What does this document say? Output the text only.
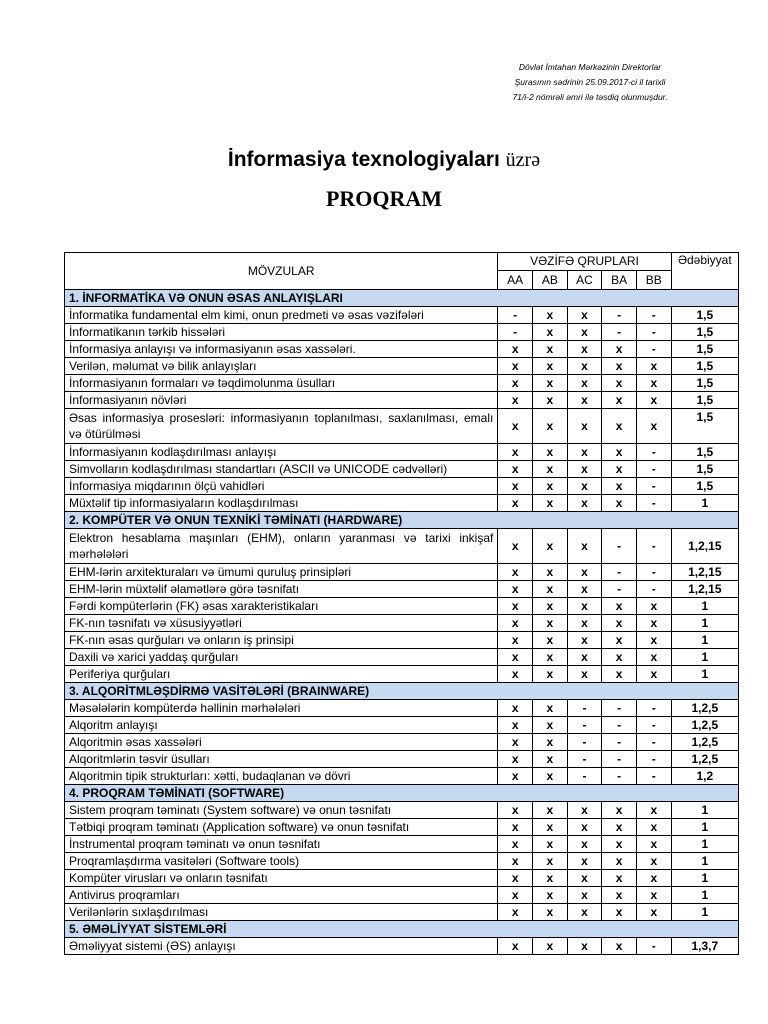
Dövlət İmtahan Mərkəzinin Direktorlar
Şurasının sədrinin 25.09.2017-ci il tarixli
71/i-2 nömrəli əmri ilə təsdiq olunmuşdur.
İnformasiya texnologiyaları üzrə
PROQRAM
MÖVZULAR	VƏZİFƏ QRUPLARI					Ədəbiyyat
	AA	AB	AC	BA	BB	
1. İNFORMATİKA VƏ ONUN ƏSAS ANLAYIŞLARI						
İnformatika fundamental elm kimi, onun predmeti və əsas vəzifələri	-	x	x	-	-	1,5
İnformatikanın tərkib hissələri	-	x	x	-	-	1,5
İnformasiya anlayışı və informasiyanın əsas xassələri.	x	x	x	x	-	1,5
Verilən, məlumat və bilik anlayışları	x	x	x	x	x	1,5
İnformasiyanın formaları və təqdimolunma üsulları	x	x	x	x	x	1,5
İnformasiyanın növləri	x	x	x	x	x	1,5
Əsas informasiya prosesləri: informasiyanın toplanılması, saxlanılması, emalı və ötürülməsi	x	x	x	x	x	1,5
İnformasiyanın kodlaşdırılması anlayışı	x	x	x	x	-	1,5
Simvolların kodlaşdırılması standartları (ASCII və UNICODE cədvəlləri)	x	x	x	x	-	1,5
İnformasiya miqdarının ölçü vahidləri	x	x	x	x	-	1,5
Müxtəlif tip informasiyaların kodlaşdırılması	x	x	x	x	-	1
2. KOMPÜTER VƏ ONUN TEXNİKİ TƏMİNATI (HARDWARE)						
Elektron hesablama maşınları (EHM), onların yaranması və tarixi inkişaf mərhələləri	x	x	x	-	-	1,2,15
EHM-lərin arxitekturaları və ümumi quruluş prinsipləri	x	x	x	-	-	1,2,15
EHM-lərin müxtəlif əlamətlərə görə təsnifatı	x	x	x	-	-	1,2,15
Fərdi kompüterlərin (FK) əsas xarakteristikaları	x	x	x	x	x	1
FK-nın təsnifatı və xüsusiyyətləri	x	x	x	x	x	1
FK-nın əsas qurğuları və onların iş prinsipi	x	x	x	x	x	1
Daxili və xarici yaddaş qurğuları	x	x	x	x	x	1
Periferiya qurğuları	x	x	x	x	x	1
3. ALQORİTMLƏŞDİRMƏ VASİTƏLƏRİ (BRAINWARE)						
Məsələlərin kompüterdə həllinin mərhələləri	x	x	-	-	-	1,2,5
Alqoritm anlayışı	x	x	-	-	-	1,2,5
Alqoritmin əsas xassələri	x	x	-	-	-	1,2,5
Alqoritmlərin təsvir üsulları	x	x	-	-	-	1,2,5
Alqoritmin tipik strukturları: xətti, budaqlanan və dövri	x	x	-	-	-	1,2
4. PROQRAM TƏMİNATI (SOFTWARE)						
Sistem proqram təminatı (System software) və onun təsnifatı	x	x	x	x	x	1
Tətbiqi proqram təminatı (Application software) və onun təsnifatı	x	x	x	x	x	1
İnstrumental proqram təminatı və onun təsnifatı	x	x	x	x	x	1
Proqramlaşdırma vasitələri (Software tools)	x	x	x	x	x	1
Kompüter virusları və onların təsnifatı	x	x	x	x	x	1
Antivirus proqramları	x	x	x	x	x	1
Verilənlərin sıxlaşdırılması	x	x	x	x	x	1
5. ƏMƏLİYYAT SİSTEMLƏRİ						
Əməliyyat sistemi (ƏS) anlayışı	x	x	x	x	-	1,3,7
